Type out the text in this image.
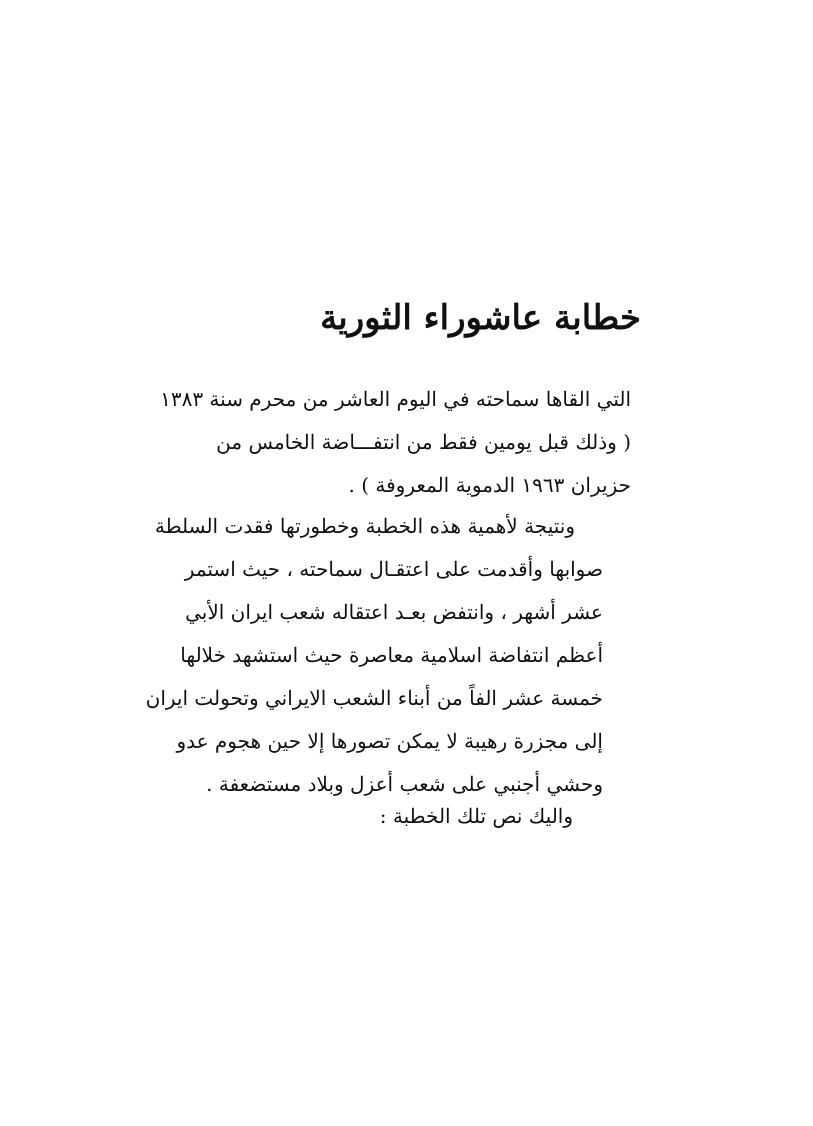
خطابة عاشوراء الثورية
التي القاها سماحته في اليوم العاشر من محرم سنة ١٣٨٣
( وذلك قبل يومين فقط من انتفـــاضة الخامس من
حزيران ١٩٦٣ الدموية المعروفة ) .
ونتيجة لأهمية هذه الخطبة وخطورتها فقدت السلطة
صوابها وأقدمت على اعتقـال سماحته ، حيث استمر
عشر أشهر ، وانتفض بعـد اعتقاله شعب ايران الأبي
أعظم انتفاضة اسلامية معاصرة حيث استشهد خلالها
خمسة عشر الفاً من أبناء الشعب الايراني وتحولت ايران
إلى مجزرة رهيبة لا يمكن تصورها إلا حين هجوم عدو
وحشي أجنبي على شعب أعزل وبلاد مستضعفة .
واليك نص تلك الخطبة :
